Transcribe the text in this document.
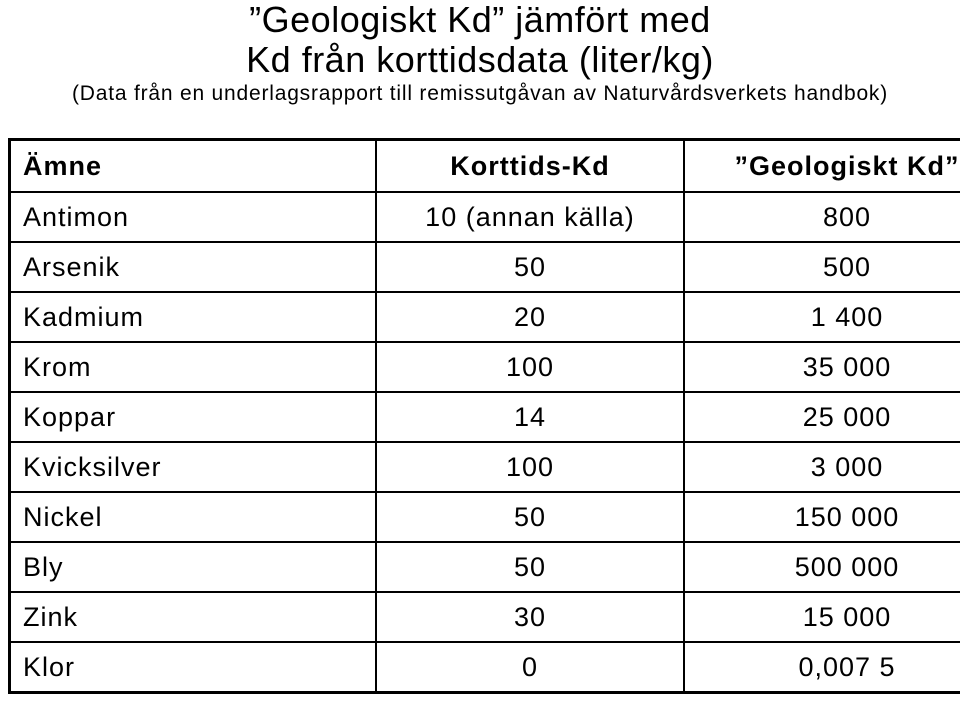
”Geologiskt Kd” jämfört med
Kd från korttidsdata (liter/kg)
(Data från en underlagsrapport till remissutgåvan av Naturvårdsverkets handbok)
Ämne	Korttids-Kd	”Geologiskt Kd”
Antimon	10 (annan källa)	800
Arsenik	50	500
Kadmium	20	1 400
Krom	100	35 000
Koppar	14	25 000
Kvicksilver	100	3 000
Nickel	50	150 000
Bly	50	500 000
Zink	30	15 000
Klor	0	0,007 5
